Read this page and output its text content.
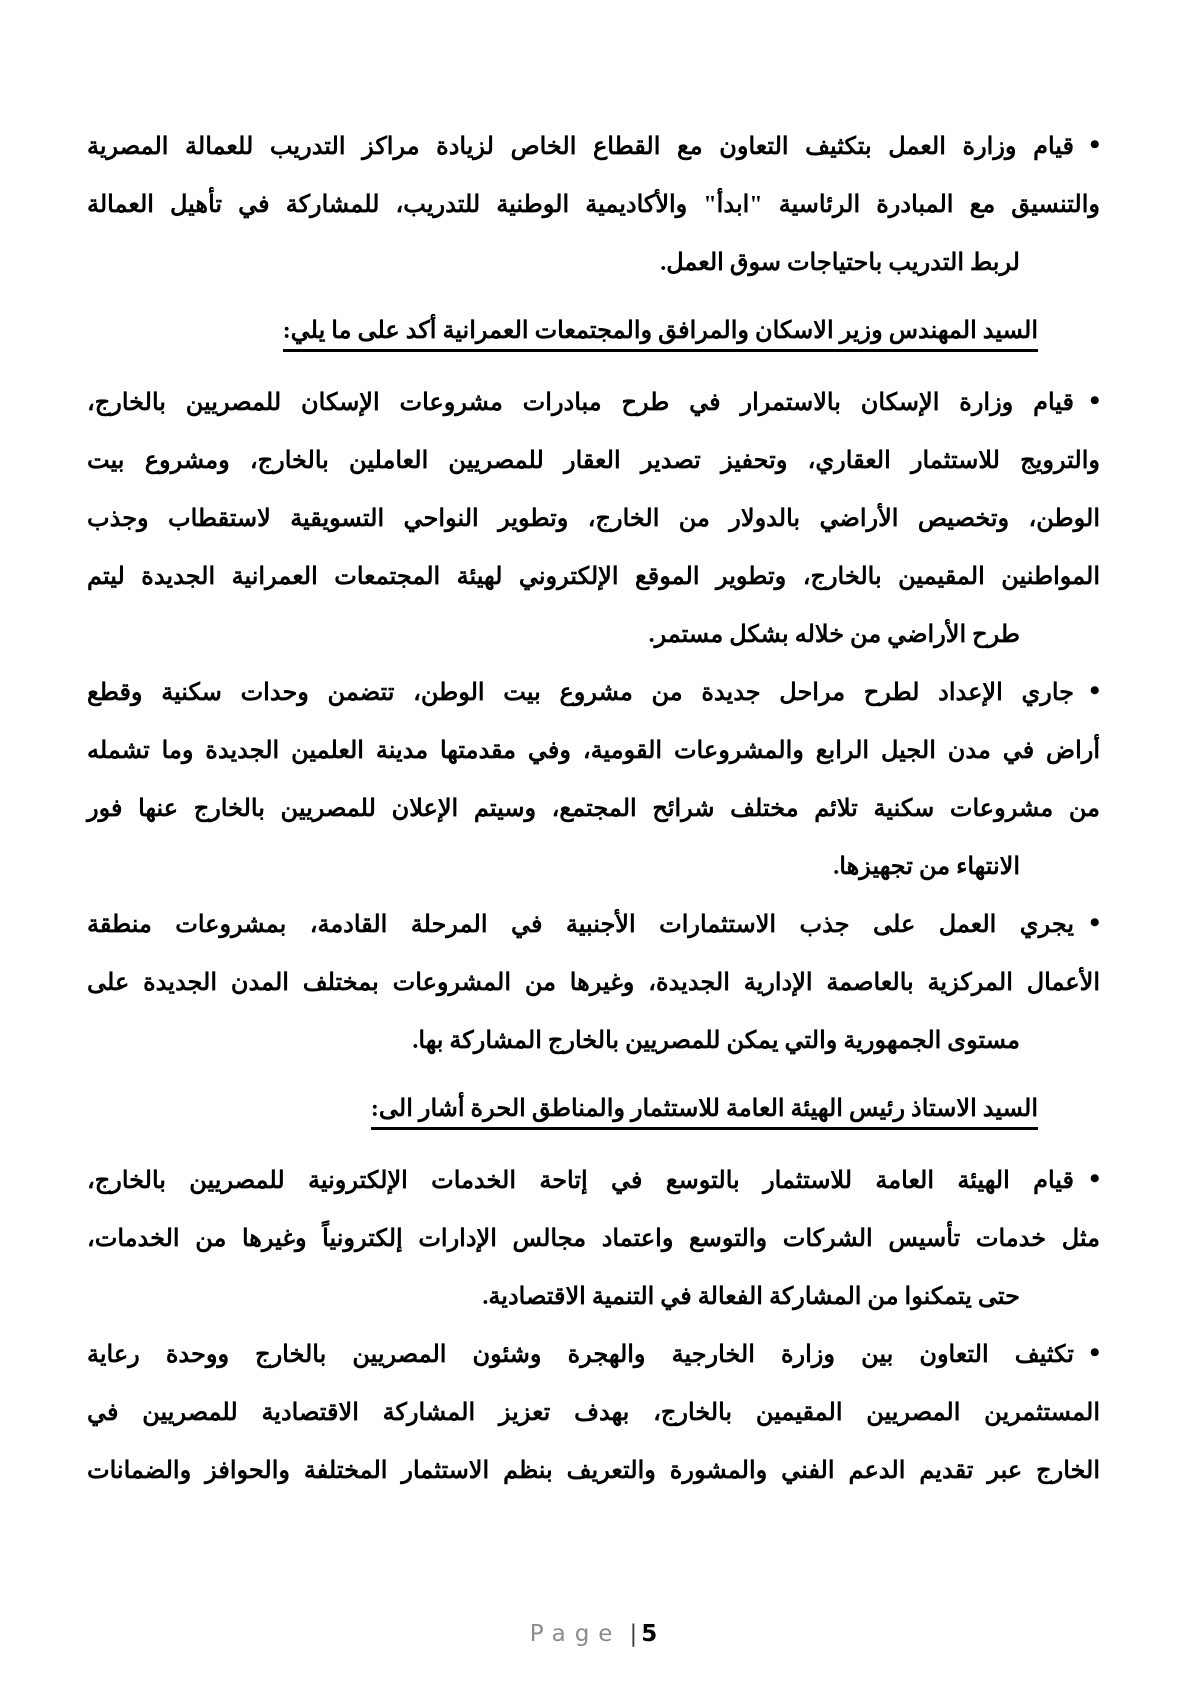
•
قيام وزارة العمل بتكثيف التعاون مع القطاع الخاص لزيادة مراكز التدريب للعمالة المصرية
والتنسيق مع المبادرة الرئاسية "ابدأ" والأكاديمية الوطنية للتدريب، للمشاركة في تأهيل العمالة
لربط التدريب باحتياجات سوق العمل.
السيد المهندس وزير الاسكان والمرافق والمجتمعات العمرانية أكد على ما يلي:
•
قيام وزارة الإسكان بالاستمرار في طرح مبادرات مشروعات الإسكان للمصريين بالخارج،
والترويج للاستثمار العقاري، وتحفيز تصدير العقار للمصريين العاملين بالخارج، ومشروع بيت
الوطن، وتخصيص الأراضي بالدولار من الخارج، وتطوير النواحي التسويقية لاستقطاب وجذب
المواطنين المقيمين بالخارج، وتطوير الموقع الإلكتروني لهيئة المجتمعات العمرانية الجديدة ليتم
طرح الأراضي من خلاله بشكل مستمر.
•
جاري الإعداد لطرح مراحل جديدة من مشروع بيت الوطن، تتضمن وحدات سكنية وقطع
أراض في مدن الجيل الرابع والمشروعات القومية، وفي مقدمتها مدينة العلمين الجديدة وما تشمله
من مشروعات سكنية تلائم مختلف شرائح المجتمع، وسيتم الإعلان للمصريين بالخارج عنها فور
الانتهاء من تجهيزها.
•
يجري العمل على جذب الاستثمارات الأجنبية في المرحلة القادمة، بمشروعات منطقة
الأعمال المركزية بالعاصمة الإدارية الجديدة، وغيرها من المشروعات بمختلف المدن الجديدة على
مستوى الجمهورية والتي يمكن للمصريين بالخارج المشاركة بها.
السيد الاستاذ رئيس الهيئة العامة للاستثمار والمناطق الحرة أشار الى:
•
قيام الهيئة العامة للاستثمار بالتوسع في إتاحة الخدمات الإلكترونية للمصريين بالخارج،
مثل خدمات تأسيس الشركات والتوسع واعتماد مجالس الإدارات إلكترونياً وغيرها من الخدمات،
حتى يتمكنوا من المشاركة الفعالة في التنمية الاقتصادية.
•
تكثيف التعاون بين وزارة الخارجية والهجرة وشئون المصريين بالخارج ووحدة رعاية
المستثمرين المصريين المقيمين بالخارج، بهدف تعزيز المشاركة الاقتصادية للمصريين في
الخارج عبر تقديم الدعم الفني والمشورة والتعريف بنظم الاستثمار المختلفة والحوافز والضمانات
Page | 5
